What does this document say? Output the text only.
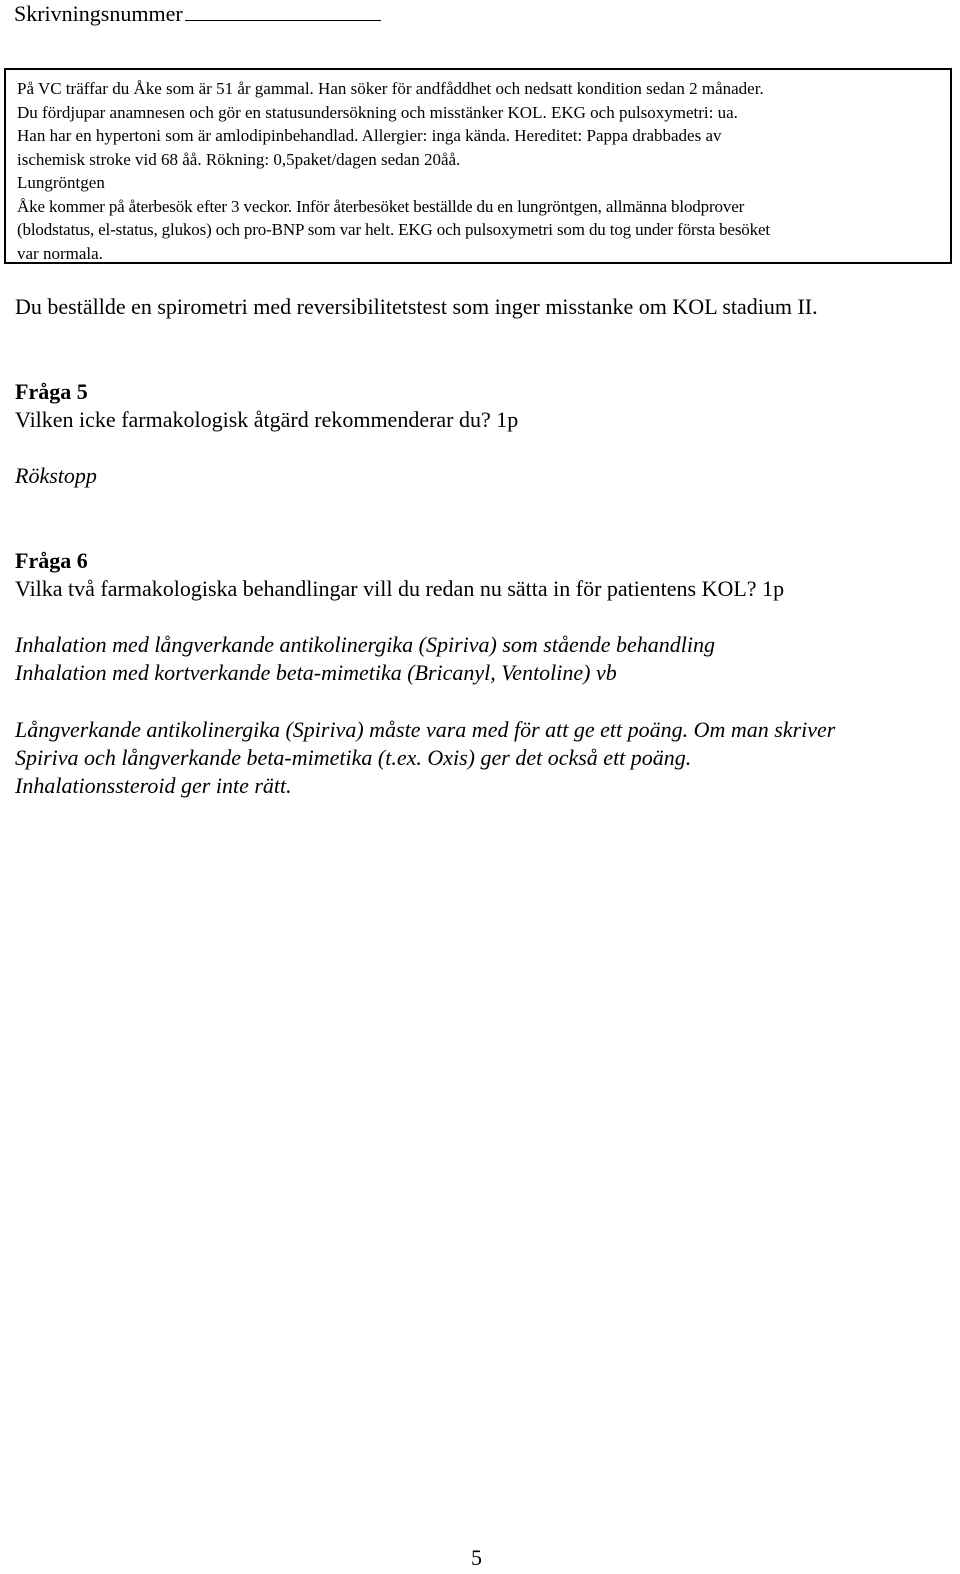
Skrivningsnummer

På VC träffar du Åke som är 51 år gammal. Han söker för andfåddhet och nedsatt kondition sedan 2 månader.

Du fördjupar anamnesen och gör en statusundersökning och misstänker KOL. EKG och pulsoxymetri: ua.

Han har en hypertoni som är amlodipinbehandlad. Allergier: inga kända. Hereditet: Pappa drabbades av

ischemisk stroke vid 68 åå. Rökning: 0,5paket/dagen sedan 20åå.

Lungröntgen

Åke kommer på återbesök efter 3 veckor. Inför återbesöket beställde du en lungröntgen, allmänna blodprover

(blodstatus, el-status, glukos) och pro-BNP som var helt. EKG och pulsoxymetri som du tog under första besöket

var normala.

Du beställde en spirometri med reversibilitetstest som inger misstanke om KOL stadium II.

Fråga 5

Vilken icke farmakologisk åtgärd rekommenderar du? 1p

Rökstopp

Fråga 6

Vilka två farmakologiska behandlingar vill du redan nu sätta in för patientens KOL? 1p

Inhalation med långverkande antikolinergika (Spiriva) som stående behandling

Inhalation med kortverkande beta-mimetika (Bricanyl, Ventoline) vb

Långverkande antikolinergika (Spiriva) måste vara med för att ge ett poäng. Om man skriver

Spiriva och långverkande beta-mimetika (t.ex. Oxis) ger det också ett poäng.

Inhalationssteroid ger inte rätt.

5
